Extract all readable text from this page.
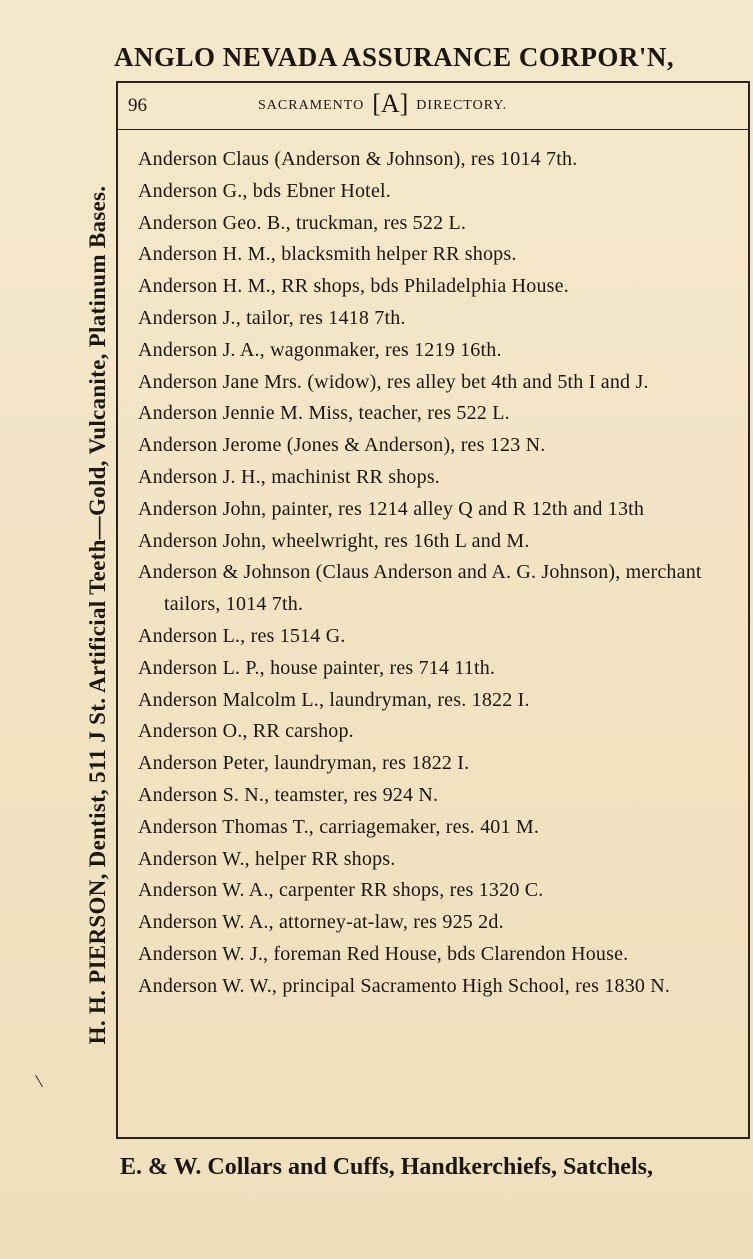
ANGLO NEVADA ASSURANCE CORPOR'N,
H. H. PIERSON, Dentist, 511 J St. Artificial Teeth—Gold, Vulcanite, Platinum Bases.
96	SACRAMENTO [A] DIRECTORY.
Anderson Claus (Anderson & Johnson), res 1014 7th.
Anderson G., bds Ebner Hotel.
Anderson Geo. B., truckman, res 522 L.
Anderson H. M., blacksmith helper RR shops.
Anderson H. M., RR shops, bds Philadelphia House.
Anderson J., tailor, res 1418 7th.
Anderson J. A., wagonmaker, res 1219 16th.
Anderson Jane Mrs. (widow), res alley bet 4th and 5th I and J.
Anderson Jennie M. Miss, teacher, res 522 L.
Anderson Jerome (Jones & Anderson), res 123 N.
Anderson J. H., machinist RR shops.
Anderson John, painter, res 1214 alley Q and R 12th and 13th
Anderson John, wheelwright, res 16th L and M.
Anderson & Johnson (Claus Anderson and A. G. Johnson), merchant tailors, 1014 7th.
Anderson L., res 1514 G.
Anderson L. P., house painter, res 714 11th.
Anderson Malcolm L., laundryman, res. 1822 I.
Anderson O., RR carshop.
Anderson Peter, laundryman, res 1822 I.
Anderson S. N., teamster, res 924 N.
Anderson Thomas T., carriagemaker, res. 401 M.
Anderson W., helper RR shops.
Anderson W. A., carpenter RR shops, res 1320 C.
Anderson W. A., attorney-at-law, res 925 2d.
Anderson W. J., foreman Red House, bds Clarendon House.
Anderson W. W., principal Sacramento High School, res 1830 N.
E. & W. Collars and Cuffs, Handkerchiefs, Satchels,
